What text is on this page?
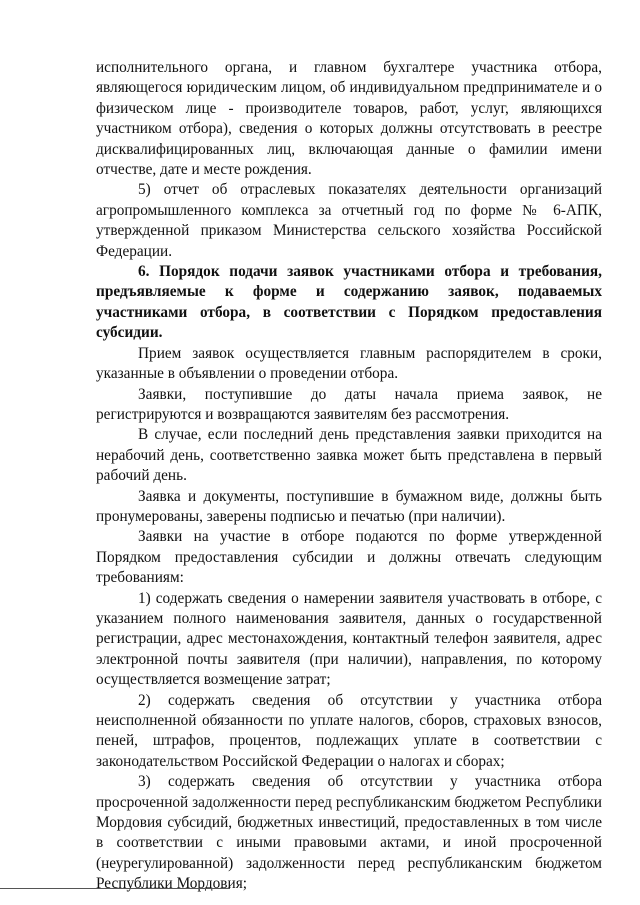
исполнительного органа, и главном бухгалтере участника отбора, являющегося юридическим лицом, об индивидуальном предпринимателе и о физическом лице - производителе товаров, работ, услуг, являющихся участником отбора), сведения о которых должны отсутствовать в реестре дисквалифицированных лиц, включающая данные о фамилии имени отчестве, дате и месте рождения.

5) отчет об отраслевых показателях деятельности организаций агропромышленного комплекса за отчетный год по форме № 6-АПК, утвержденной приказом Министерства сельского хозяйства Российской Федерации.

6. Порядок подачи заявок участниками отбора и требования, предъявляемые к форме и содержанию заявок, подаваемых участниками отбора, в соответствии с Порядком предоставления субсидии.

Прием заявок осуществляется главным распорядителем в сроки, указанные в объявлении о проведении отбора.

Заявки, поступившие до даты начала приема заявок, не регистрируются и возвращаются заявителям без рассмотрения.

В случае, если последний день представления заявки приходится на нерабочий день, соответственно заявка может быть представлена в первый рабочий день.

Заявка и документы, поступившие в бумажном виде, должны быть пронумерованы, заверены подписью и печатью (при наличии).

Заявки на участие в отборе подаются по форме утвержденной Порядком предоставления субсидии и должны отвечать следующим требованиям:

1) содержать сведения о намерении заявителя участвовать в отборе, с указанием полного наименования заявителя, данных о государственной регистрации, адрес местонахождения, контактный телефон заявителя, адрес электронной почты заявителя (при наличии), направления, по которому осуществляется возмещение затрат;

2) содержать сведения об отсутствии у участника отбора неисполненной обязанности по уплате налогов, сборов, страховых взносов, пеней, штрафов, процентов, подлежащих уплате в соответствии с законодательством Российской Федерации о налогах и сборах;

3) содержать сведения об отсутствии у участника отбора просроченной задолженности перед республиканским бюджетом Республики Мордовия субсидий, бюджетных инвестиций, предоставленных в том числе в соответствии с иными правовыми актами, и иной просроченной (неурегулированной) задолженности перед республиканским бюджетом Республики Мордовия;
